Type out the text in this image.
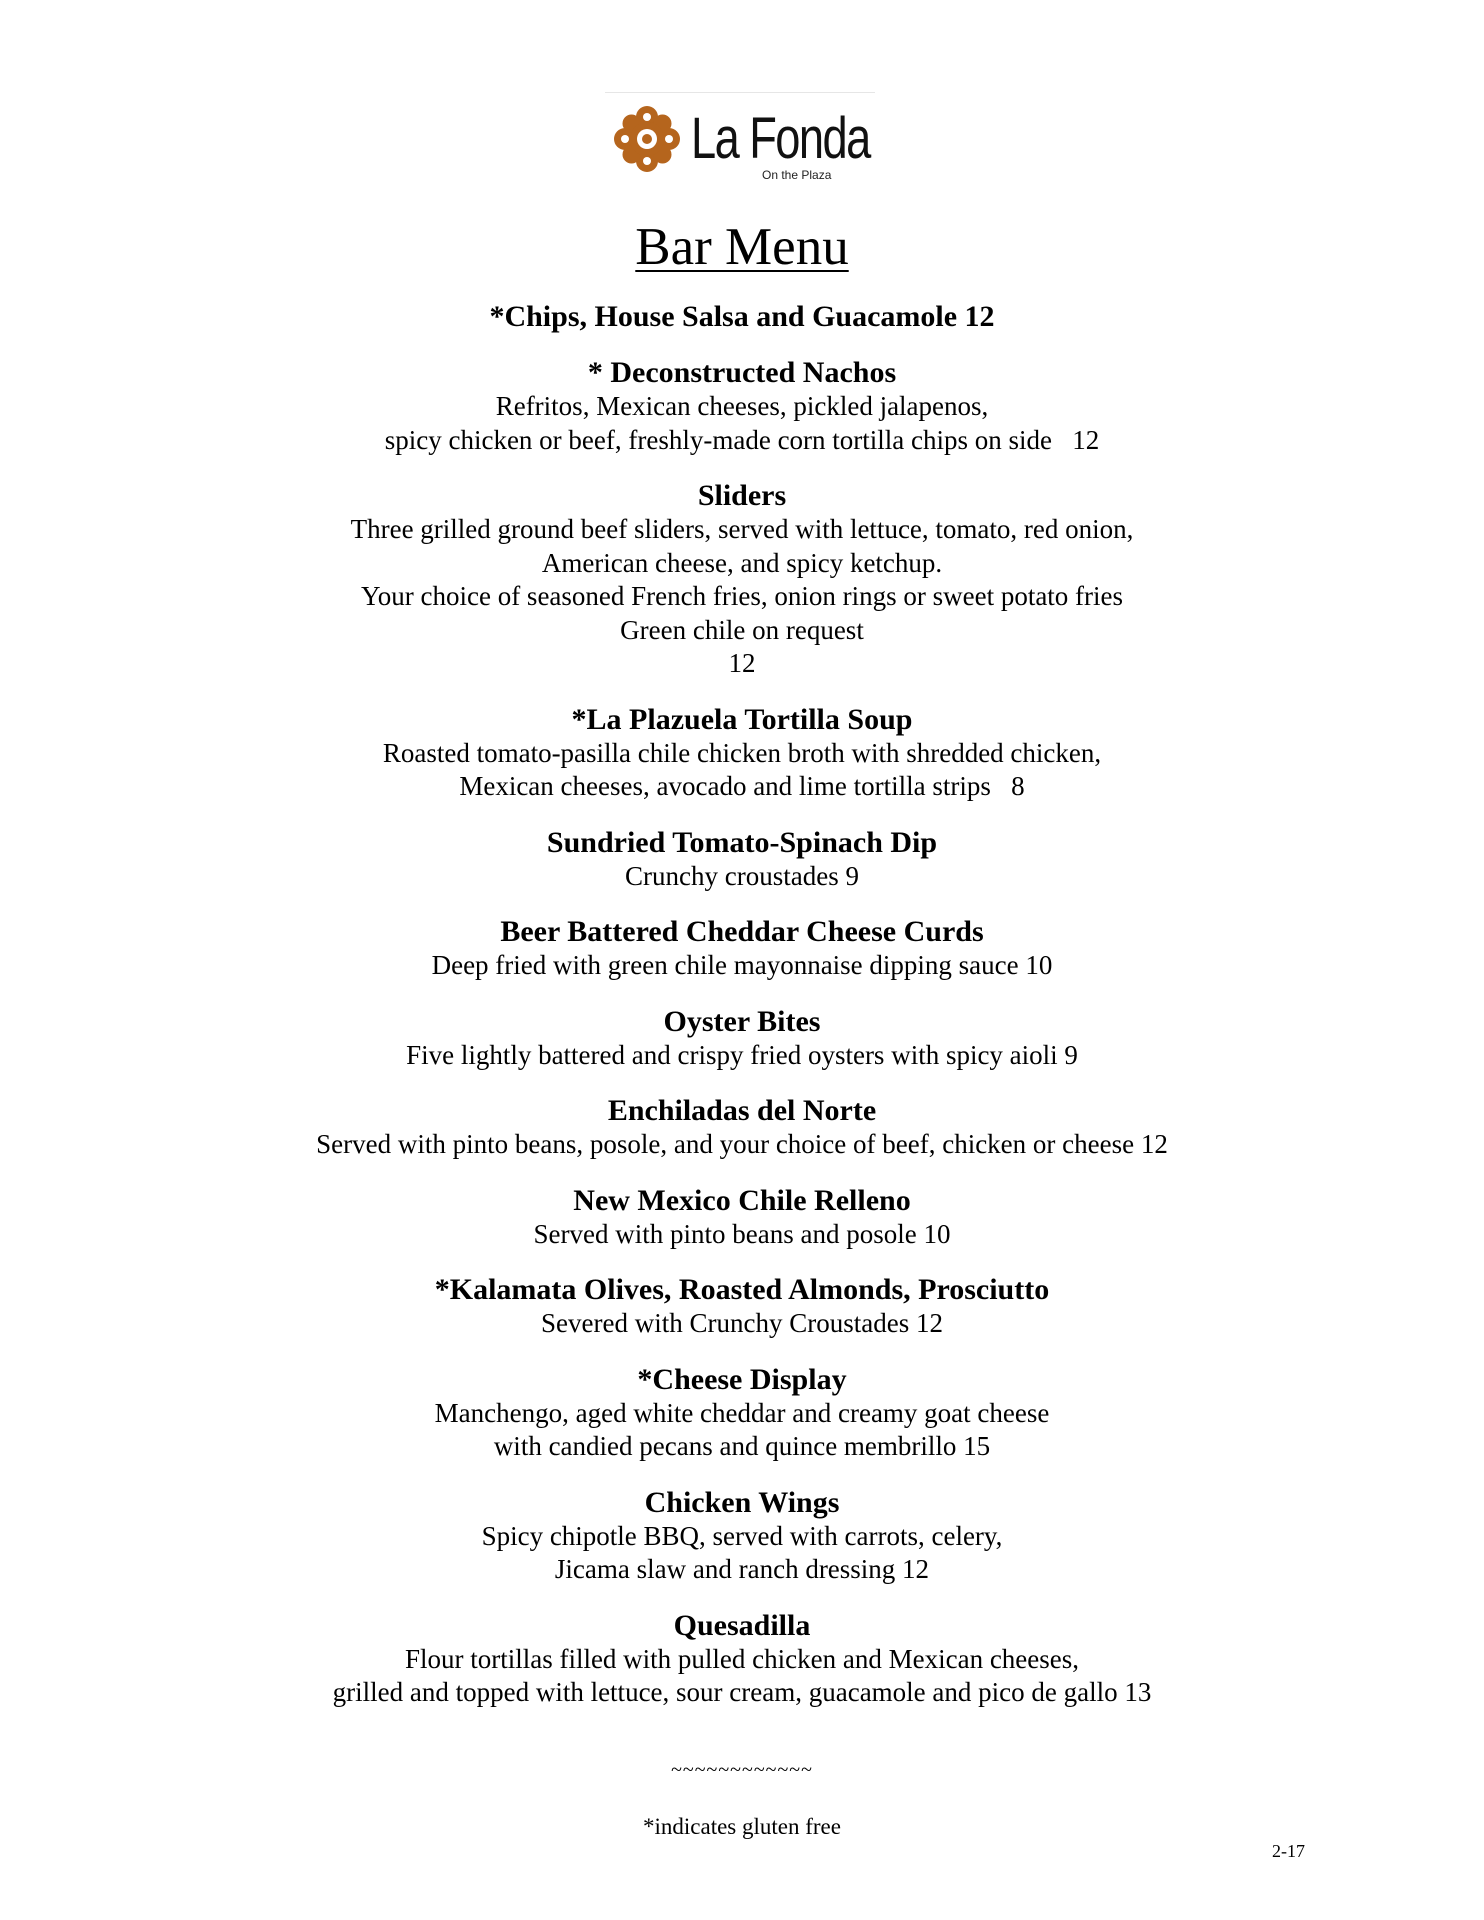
La Fonda
On the Plaza
Bar Menu
*Chips, House Salsa and Guacamole 12
* Deconstructed Nachos
Refritos, Mexican cheeses, pickled jalapenos,
spicy chicken or beef, freshly-made corn tortilla chips on side   12
Sliders
Three grilled ground beef sliders, served with lettuce, tomato, red onion,
American cheese, and spicy ketchup.
Your choice of seasoned French fries, onion rings or sweet potato fries
Green chile on request
12
*La Plazuela Tortilla Soup
Roasted tomato-pasilla chile chicken broth with shredded chicken,
Mexican cheeses, avocado and lime tortilla strips   8
Sundried Tomato-Spinach Dip
Crunchy croustades 9
Beer Battered Cheddar Cheese Curds
Deep fried with green chile mayonnaise dipping sauce 10
Oyster Bites
Five lightly battered and crispy fried oysters with spicy aioli 9
Enchiladas del Norte
Served with pinto beans, posole, and your choice of beef, chicken or cheese 12
New Mexico Chile Relleno
Served with pinto beans and posole 10
*Kalamata Olives, Roasted Almonds, Prosciutto
Severed with Crunchy Croustades 12
*Cheese Display
Manchengo, aged white cheddar and creamy goat cheese
with candied pecans and quince membrillo 15
Chicken Wings
Spicy chipotle BBQ, served with carrots, celery,
Jicama slaw and ranch dressing 12
Quesadilla
Flour tortillas filled with pulled chicken and Mexican cheeses,
grilled and topped with lettuce, sour cream, guacamole and pico de gallo 13
~~~~~~~~~~~~
*indicates gluten free
2-17
